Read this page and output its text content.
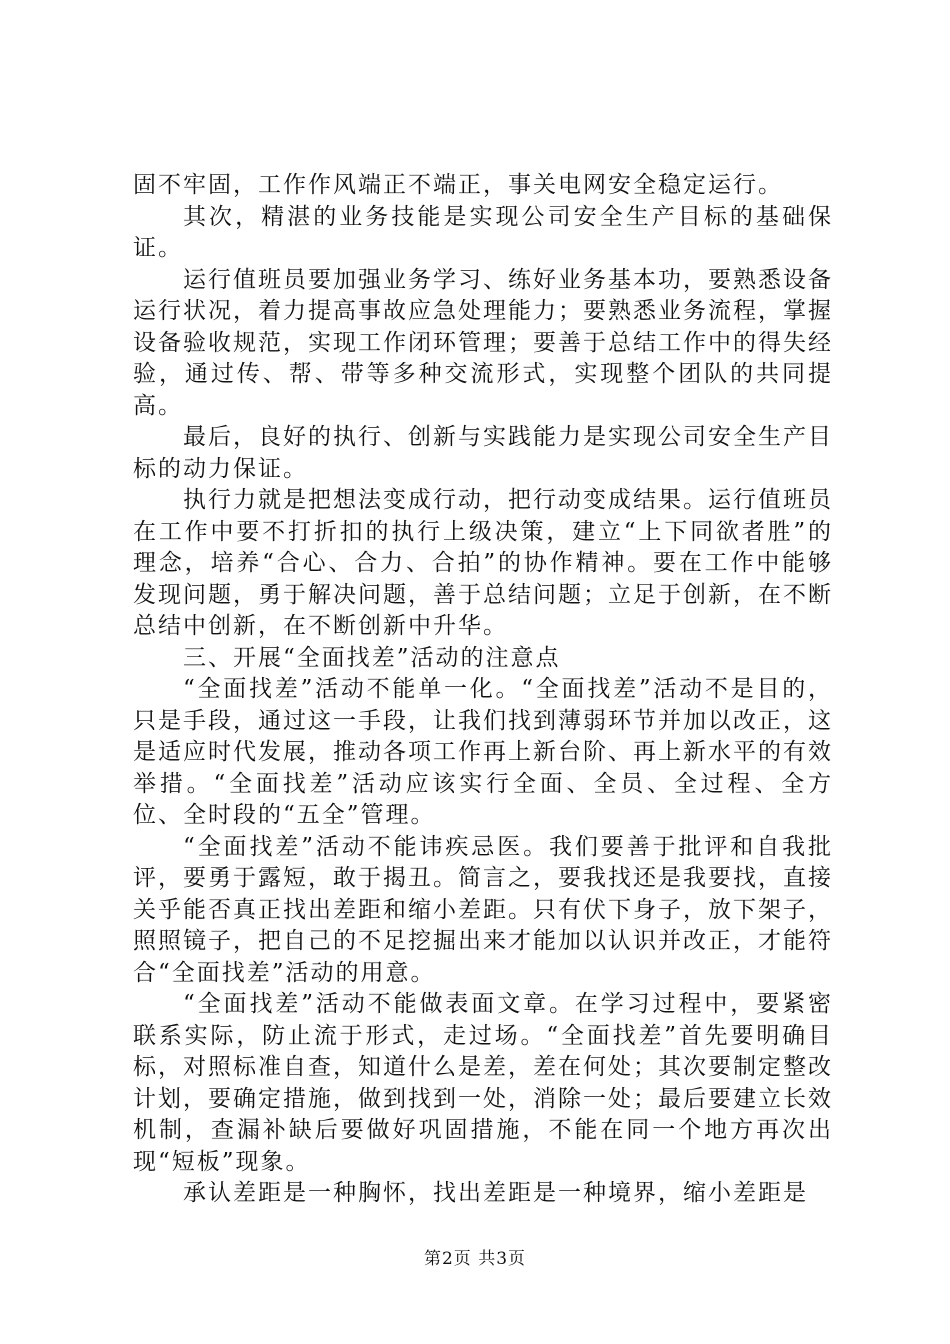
固不牢固，工作作风端正不端正，事关电网安全稳定运行。

其次，精湛的业务技能是实现公司安全生产目标的基础保证。

运行值班员要加强业务学习、练好业务基本功，要熟悉设备运行状况，着力提高事故应急处理能力；要熟悉业务流程，掌握设备验收规范，实现工作闭环管理；要善于总结工作中的得失经验，通过传、帮、带等多种交流形式，实现整个团队的共同提高。

最后，良好的执行、创新与实践能力是实现公司安全生产目标的动力保证。

执行力就是把想法变成行动，把行动变成结果。运行值班员在工作中要不打折扣的执行上级决策，建立“上下同欲者胜”的理念，培养“合心、合力、合拍”的协作精神。要在工作中能够发现问题，勇于解决问题，善于总结问题；立足于创新，在不断总结中创新，在不断创新中升华。

三、开展“全面找差”活动的注意点

“全面找差”活动不能单一化。“全面找差”活动不是目的，只是手段，通过这一手段，让我们找到薄弱环节并加以改正，这是适应时代发展，推动各项工作再上新台阶、再上新水平的有效举措。“全面找差”活动应该实行全面、全员、全过程、全方位、全时段的“五全”管理。

“全面找差”活动不能讳疾忌医。我们要善于批评和自我批评，要勇于露短，敢于揭丑。简言之，要我找还是我要找，直接关乎能否真正找出差距和缩小差距。只有伏下身子，放下架子，照照镜子，把自己的不足挖掘出来才能加以认识并改正，才能符合“全面找差”活动的用意。

“全面找差”活动不能做表面文章。在学习过程中，要紧密联系实际，防止流于形式，走过场。“全面找差”首先要明确目标，对照标准自查，知道什么是差，差在何处；其次要制定整改计划，要确定措施，做到找到一处，消除一处；最后要建立长效机制，查漏补缺后要做好巩固措施，不能在同一个地方再次出现“短板”现象。

承认差距是一种胸怀，找出差距是一种境界，缩小差距是

第2页 共3页
